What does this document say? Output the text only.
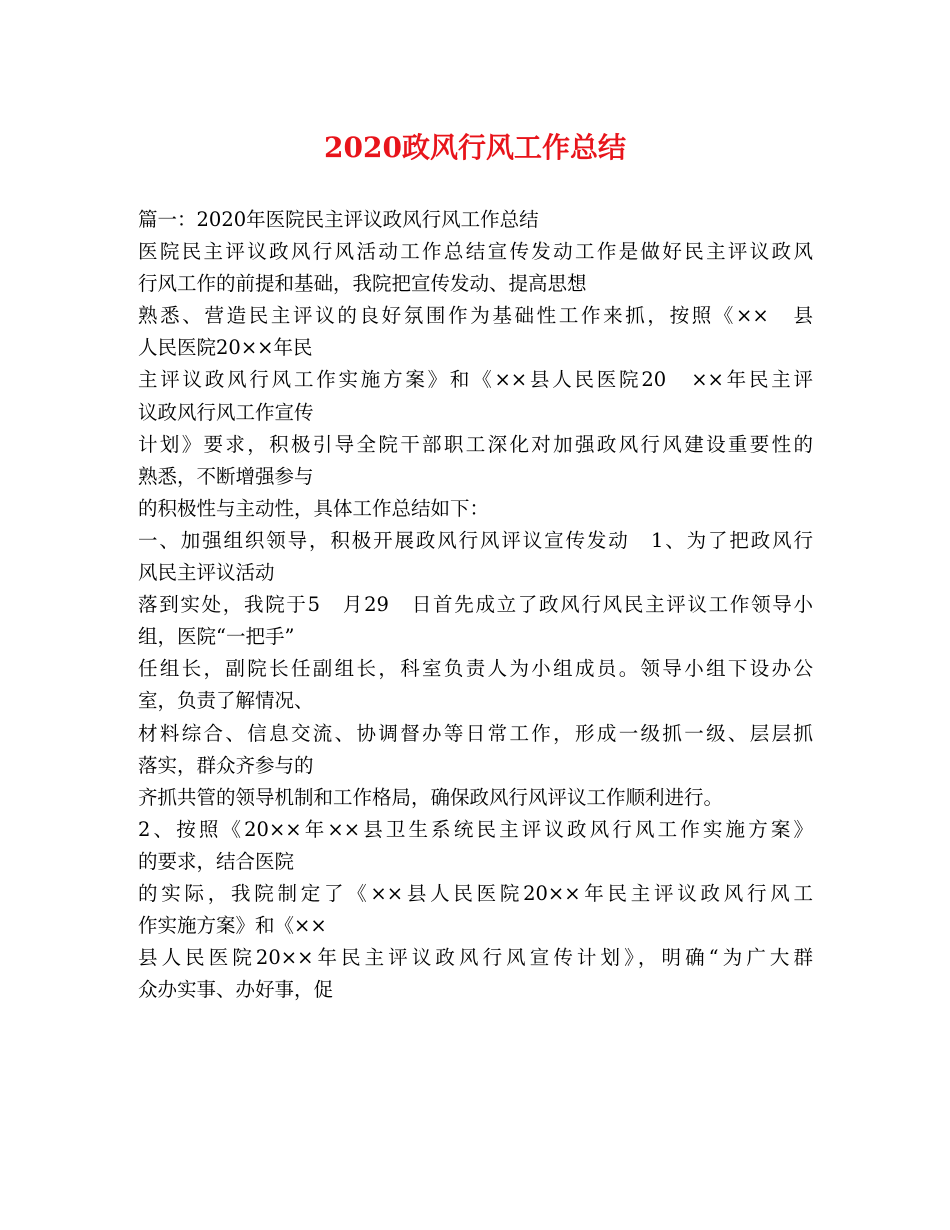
2020政风行风工作总结
篇一：2020年医院民主评议政风行风工作总结
医院民主评议政风行风活动工作总结宣传发动工作是做好民主评议政风
行风工作的前提和基础，我院把宣传发动、提高思想
熟悉、营造民主评议的良好氛围作为基础性工作来抓，按照《××　县
人民医院20××年民
主评议政风行风工作实施方案》和《××县人民医院20　××年民主评
议政风行风工作宣传
计划》要求，积极引导全院干部职工深化对加强政风行风建设重要性的
熟悉，不断增强参与
的积极性与主动性，具体工作总结如下：
一、加强组织领导，积极开展政风行风评议宣传发动　1、为了把政风行
风民主评议活动
落到实处，我院于5　月29　日首先成立了政风行风民主评议工作领导小
组，医院“一把手”
任组长，副院长任副组长，科室负责人为小组成员。领导小组下设办公
室，负责了解情况、
材料综合、信息交流、协调督办等日常工作，形成一级抓一级、层层抓
落实，群众齐参与的
齐抓共管的领导机制和工作格局，确保政风行风评议工作顺利进行。
2、按照《20××年××县卫生系统民主评议政风行风工作实施方案》
的要求，结合医院
的实际，我院制定了《××县人民医院20××年民主评议政风行风工
作实施方案》和《××
县人民医院20××年民主评议政风行风宣传计划》，明确“为广大群
众办实事、办好事，促
